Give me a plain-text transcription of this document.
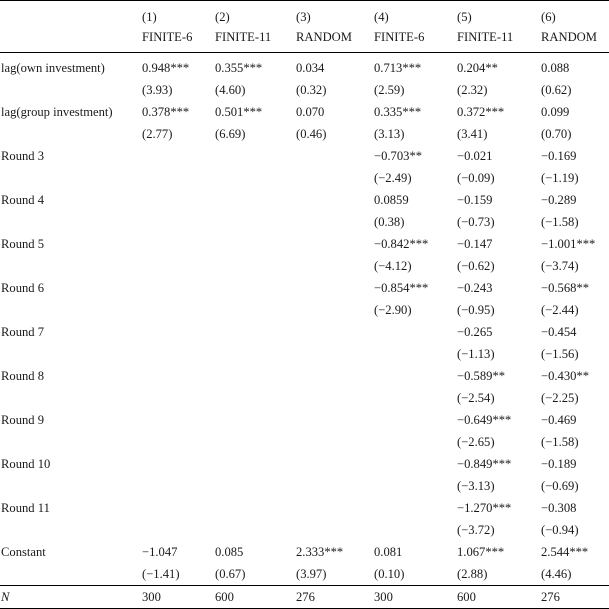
	(1)	(2)	(3)	(4)	(5)	(6)
	FINITE-6	FINITE-11	RANDOM	FINITE-6	FINITE-11	RANDOM
lag(own investment)	0.948***	0.355***	0.034	0.713***	0.204**	0.088
	(3.93)	(4.60)	(0.32)	(2.59)	(2.32)	(0.62)
lag(group investment)	0.378***	0.501***	0.070	0.335***	0.372***	0.099
	(2.77)	(6.69)	(0.46)	(3.13)	(3.41)	(0.70)
Round 3				−0.703**	−0.021	−0.169
				(−2.49)	(−0.09)	(−1.19)
Round 4				0.0859	−0.159	−0.289
				(0.38)	(−0.73)	(−1.58)
Round 5				−0.842***	−0.147	−1.001***
				(−4.12)	(−0.62)	(−3.74)
Round 6				−0.854***	−0.243	−0.568**
				(−2.90)	(−0.95)	(−2.44)
Round 7					−0.265	−0.454
					(−1.13)	(−1.56)
Round 8					−0.589**	−0.430**
					(−2.54)	(−2.25)
Round 9					−0.649***	−0.469
					(−2.65)	(−1.58)
Round 10					−0.849***	−0.189
					(−3.13)	(−0.69)
Round 11					−1.270***	−0.308
					(−3.72)	(−0.94)
Constant	−1.047	0.085	2.333***	0.081	1.067***	2.544***
	(−1.41)	(0.67)	(3.97)	(0.10)	(2.88)	(4.46)
N	300	600	276	300	600	276
